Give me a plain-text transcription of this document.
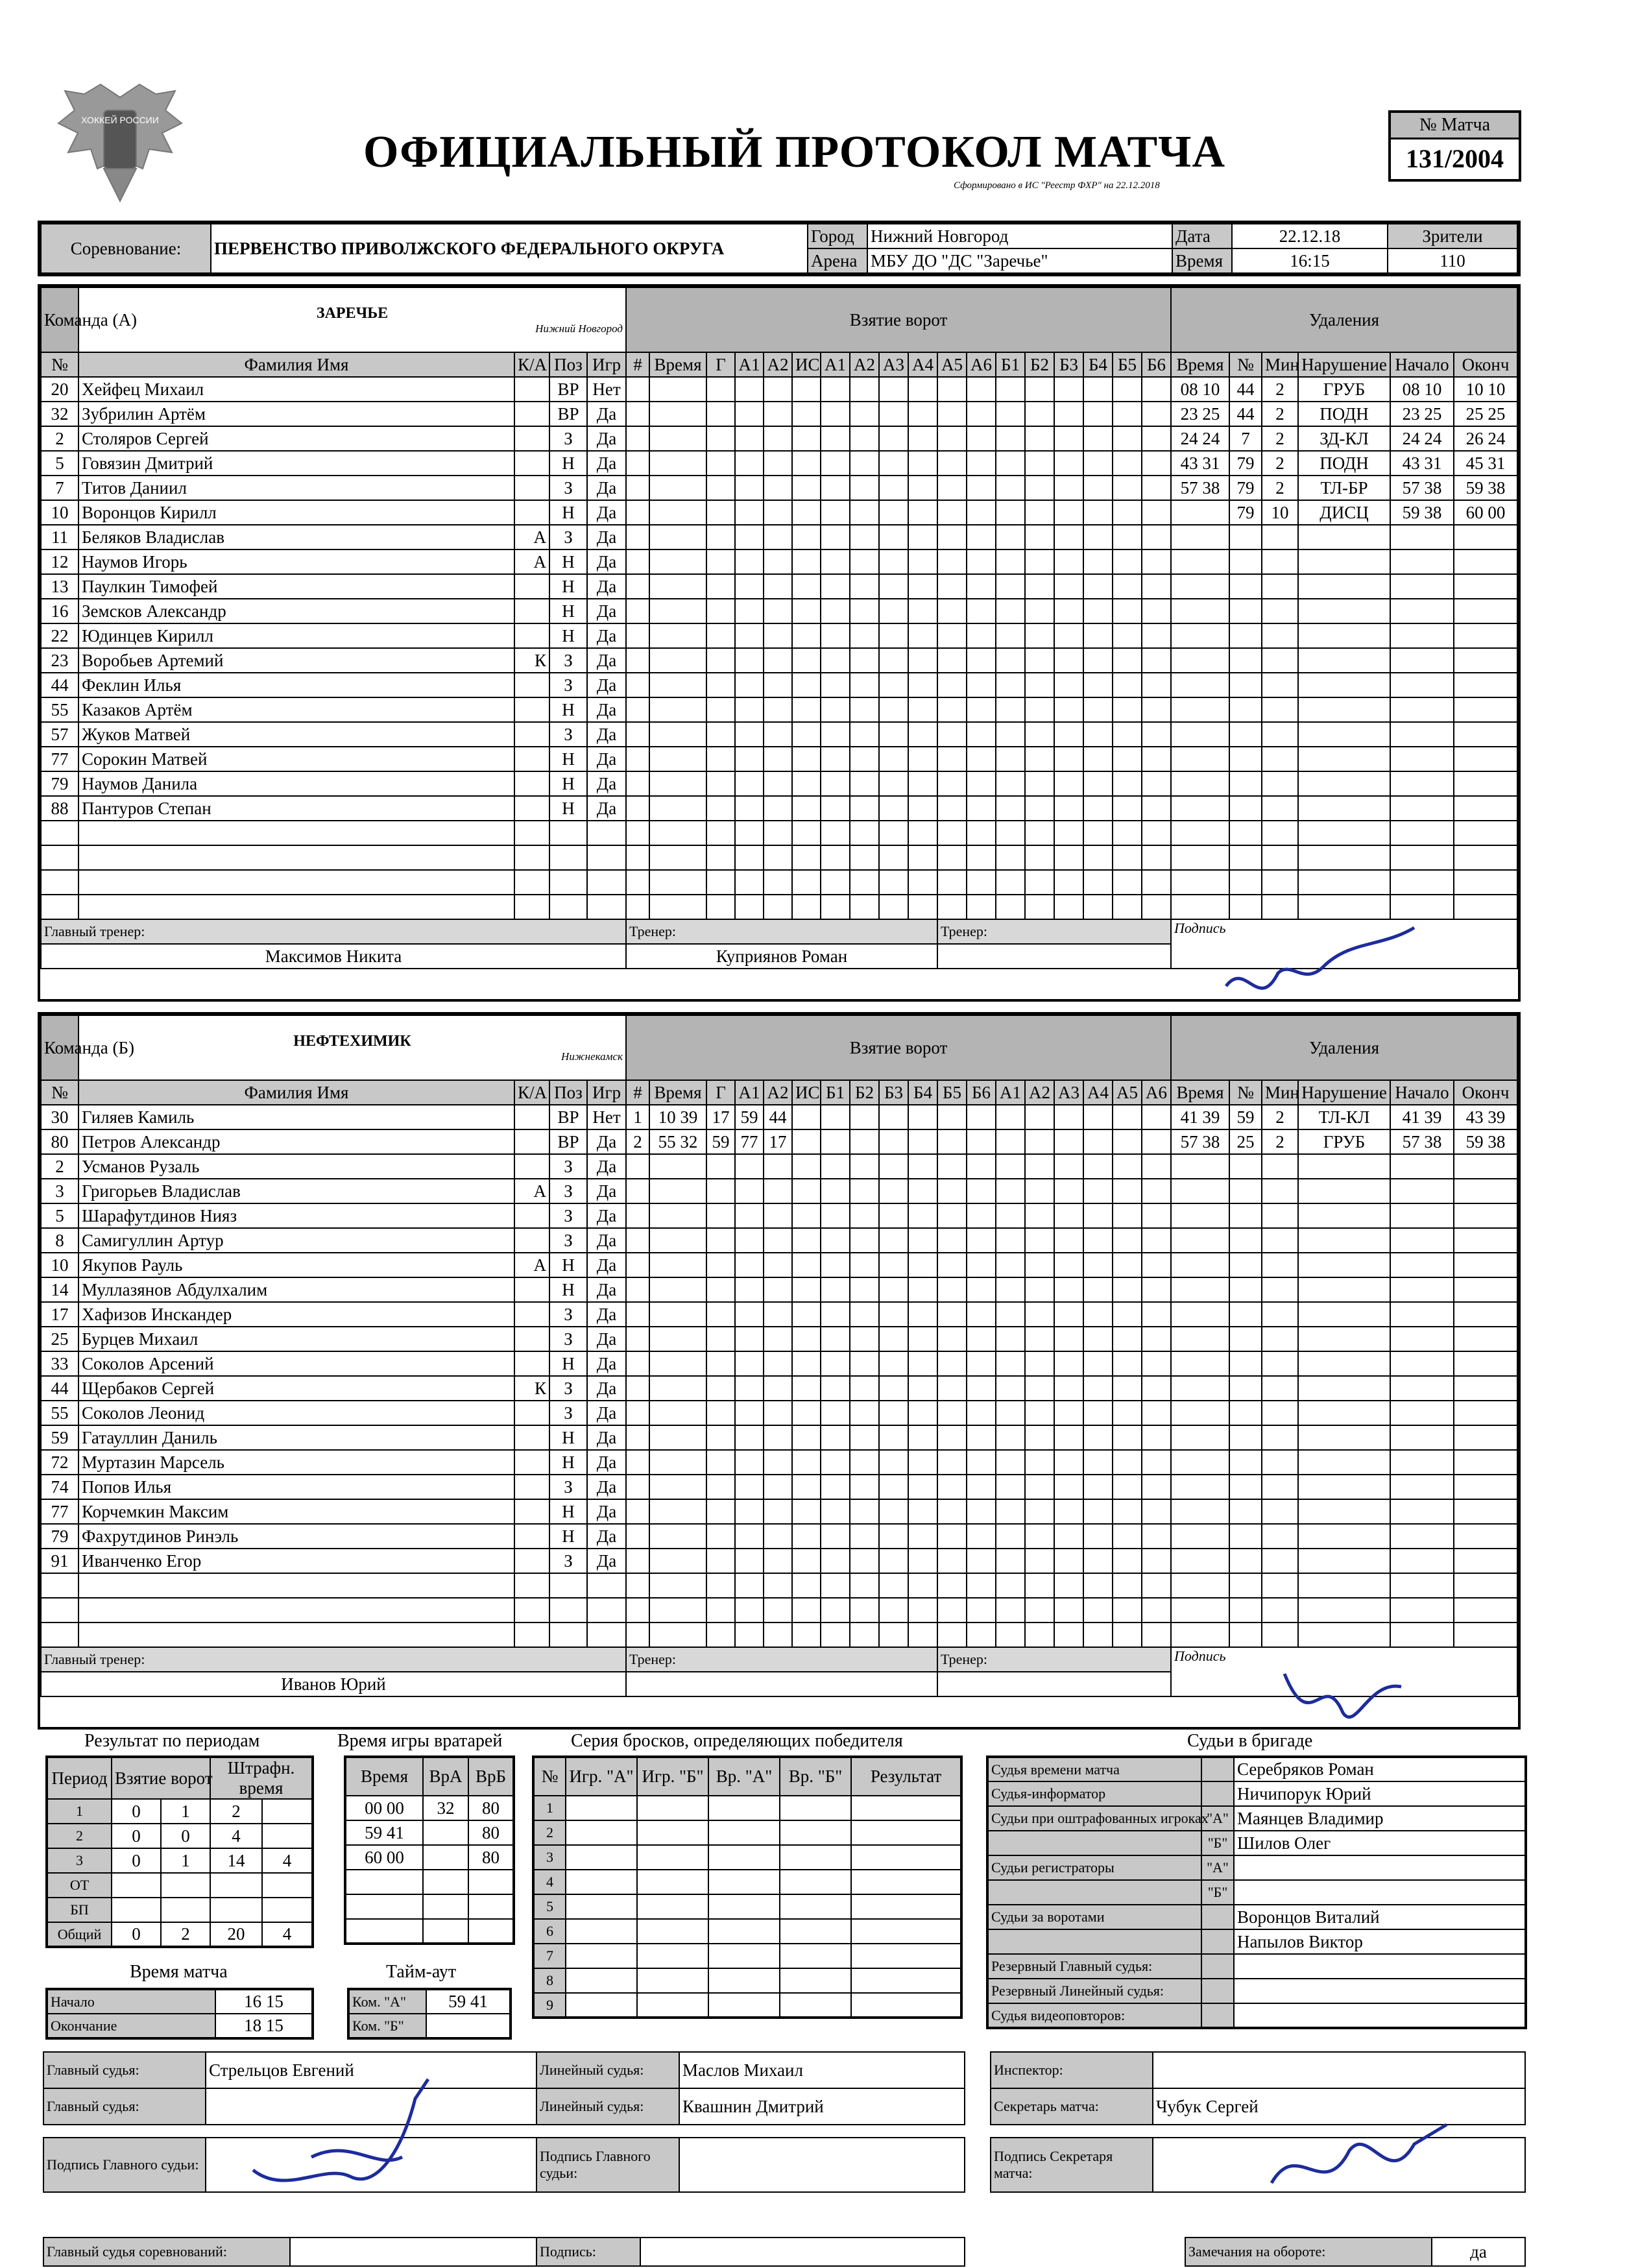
ХОККЕЙ РОССИИ
ОФИЦИАЛЬНЫЙ ПРОТОКОЛ МАТЧА
Сформировано в ИС "Реестр ФХР" на 22.12.2018
№ Матча
131/2004
Соревнование:	ПЕРВЕНСТВО ПРИВОЛЖСКОГО ФЕДЕРАЛЬНОГО ОКРУГА	Город	Нижний Новгород	Дата	22.12.18	Зрители
		Арена	МБУ ДО "ДС "Заречье"	Время	16:15	110
Команда (А)	ЗАРЕЧЬЕ
Нижний Новгород				Взятие ворот																		Удаления					
№	Фамилия Имя	К/А	Поз	Игр	#	Время	Г	А1	А2	ИС	А1	А2	А3	А4	А5	А6	Б1	Б2	Б3	Б4	Б5	Б6	Время	№	Мин	Нарушение	Начало	Оконч
20	Хейфец Михаил		ВР	Нет																			08 10	44	2	ГРУБ	08 10	10 10
32	Зубрилин Артём		ВР	Да																			23 25	44	2	ПОДН	23 25	25 25
2	Столяров Сергей		З	Да																			24 24	7	2	ЗД-КЛ	24 24	26 24
5	Говязин Дмитрий		Н	Да																			43 31	79	2	ПОДН	43 31	45 31
7	Титов Даниил		З	Да																			57 38	79	2	ТЛ-БР	57 38	59 38
10	Воронцов Кирилл		Н	Да																				79	10	ДИСЦ	59 38	60 00
11	Беляков Владислав	А	З	Да																								
12	Наумов Игорь	А	Н	Да																								
13	Паулкин Тимофей		Н	Да																								
16	Земсков Александр		Н	Да																								
22	Юдинцев Кирилл		Н	Да																								
23	Воробьев Артемий	К	З	Да																								
44	Феклин Илья		З	Да																								
55	Казаков Артём		Н	Да																								
57	Жуков Матвей		З	Да																								
77	Сорокин Матвей		Н	Да																								
79	Наумов Данила		Н	Да																								
88	Пантуров Степан		Н	Да																								

Главный тренер:					Тренер:										Тренер:								Подпись					
Максимов Никита					Куприянов Роман																							
Команда (Б)	НЕФТЕХИМИК
Нижнекамск				Взятие ворот																		Удаления					
№	Фамилия Имя	К/А	Поз	Игр	#	Время	Г	А1	А2	ИС	Б1	Б2	Б3	Б4	Б5	Б6	А1	А2	А3	А4	А5	А6	Время	№	Мин	Нарушение	Начало	Оконч
30	Гиляев Камиль		ВР	Нет	1	10 39	17	59	44														41 39	59	2	ТЛ-КЛ	41 39	43 39
80	Петров Александр		ВР	Да	2	55 32	59	77	17														57 38	25	2	ГРУБ	57 38	59 38
2	Усманов Рузаль		З	Да																								
3	Григорьев Владислав	А	З	Да																								
5	Шарафутдинов Нияз		З	Да																								
8	Самигуллин Артур		З	Да																								
10	Якупов Рауль	А	Н	Да																								
14	Муллазянов Абдулхалим		Н	Да																								
17	Хафизов Инскандер		З	Да																								
25	Бурцев Михаил		З	Да																								
33	Соколов Арсений		Н	Да																								
44	Щербаков Сергей	К	З	Да																								
55	Соколов Леонид		З	Да																								
59	Гатауллин Даниль		Н	Да																								
72	Муртазин Марсель		Н	Да																								
74	Попов Илья		З	Да																								
77	Корчемкин Максим		Н	Да																								
79	Фахрутдинов Ринэль		Н	Да																								
91	Иванченко Егор		З	Да																								

Главный тренер:					Тренер:										Тренер:								Подпись					
Иванов Юрий																												
Результат по периодам	Время игры вратарей	Серия бросков, определяющих победителя	Судьи в бригаде
Период	Взятие ворот		Штрафн. время	
1	0	1	2	
2	0	0	4	
3	0	1	14	4
ОТ				
БП				
Общий	0	2	20	4
Время	ВрА	ВрБ
00 00	32	80
59 41		80
60 00		80

Время матча	Тайм-аут
Начало	16 15
Окончание	18 15
Ком. "А"	59 41
Ком. "Б"	
№	Игр. "А"	Игр. "Б"	Вр. "А"	Вр. "Б"	Результат
1					
2					
3					
4					
5					
6					
7					
8					
9					
Судья времени матча		Серебряков Роман
Судья-информатор		Ничипорук Юрий
Судьи при оштрафованных игроках	"А"	Маянцев Владимир
	"Б"	Шилов Олег
Судьи регистраторы	"А"	
	"Б"	
Судьи за воротами		Воронцов Виталий
		Напылов Виктор
Резервный Главный судья:		
Резервный Линейный судья:		
Судья видеоповторов:		
Главный судья:	Стрельцов Евгений	Линейный судья:	Маслов Михаил		Инспектор:	
Главный судья:		Линейный судья:	Квашнин Дмитрий		Секретарь матча:	Чубук Сергей

Подпись Главного судьи:		Подпись Главного судьи:			Подпись Секретаря матча:	
Главный судья соревнований:		Подпись:			Замечания на обороте:	да
